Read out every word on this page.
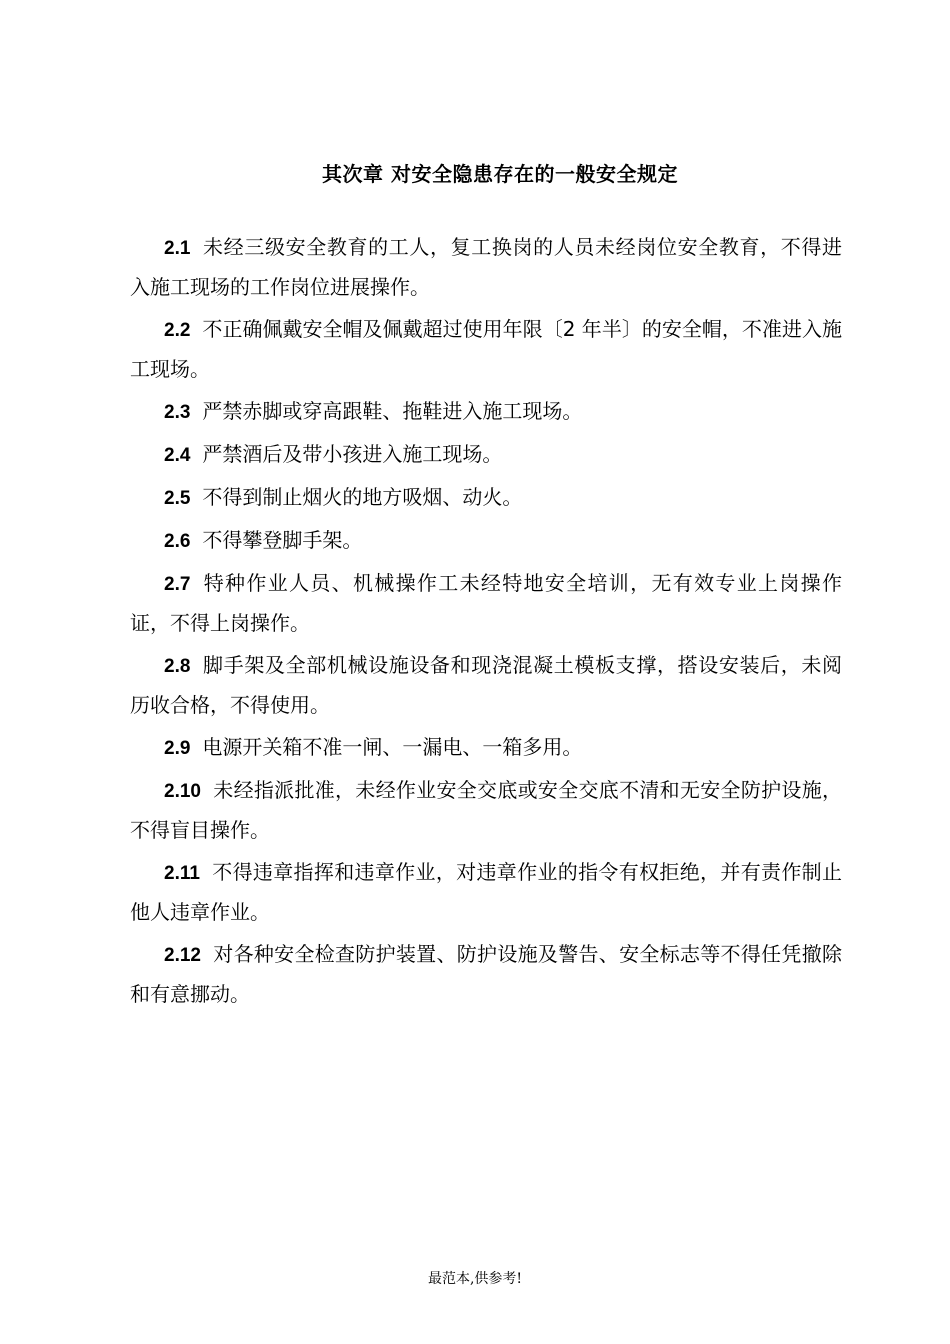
其次章 对安全隐患存在的一般安全规定

2.1 未经三级安全教育的工人，复工换岗的人员未经岗位安全教育，不得进入施工现场的工作岗位进展操作。

2.2 不正确佩戴安全帽及佩戴超过使用年限〔2 年半〕的安全帽，不准进入施工现场。

2.3 严禁赤脚或穿高跟鞋、拖鞋进入施工现场。

2.4 严禁酒后及带小孩进入施工现场。

2.5 不得到制止烟火的地方吸烟、动火。

2.6 不得攀登脚手架。

2.7 特种作业人员、机械操作工未经特地安全培训，无有效专业上岗操作证，不得上岗操作。

2.8 脚手架及全部机械设施设备和现浇混凝土模板支撑，搭设安装后，未阅历收合格，不得使用。

2.9 电源开关箱不准一闸、一漏电、一箱多用。

2.10 未经指派批准，未经作业安全交底或安全交底不清和无安全防护设施，不得盲目操作。

2.11 不得违章指挥和违章作业，对违章作业的指令有权拒绝，并有责作制止他人违章作业。

2.12 对各种安全检查防护装置、防护设施及警告、安全标志等不得任凭撤除和有意挪动。

最范本,供参考!
